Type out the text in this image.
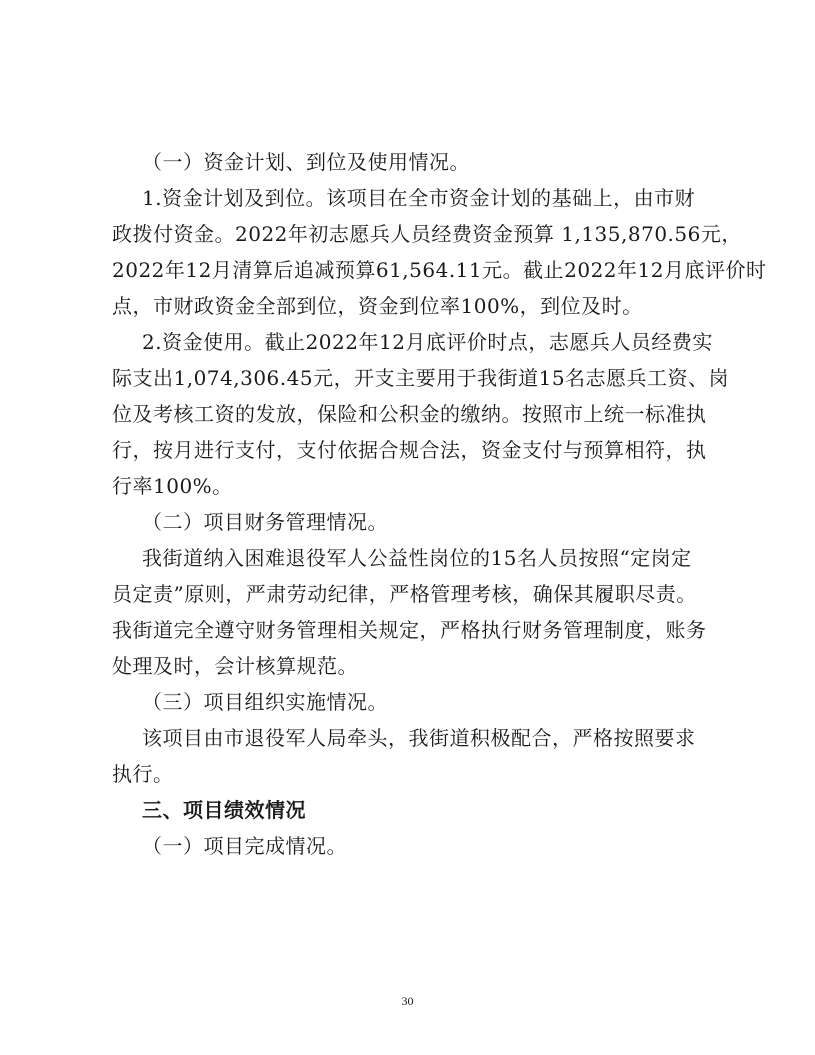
（一）资金计划、到位及使用情况。
1.资金计划及到位。该项目在全市资金计划的基础上，由市财
政拨付资金。2022年初志愿兵人员经费资金预算 1,135,870.56元，
2022年12月清算后追减预算61,564.11元。截止2022年12月底评价时
点，市财政资金全部到位，资金到位率100%，到位及时。
2.资金使用。截止2022年12月底评价时点，志愿兵人员经费实
际支出1,074,306.45元，开支主要用于我街道15名志愿兵工资、岗
位及考核工资的发放，保险和公积金的缴纳。按照市上统一标准执
行，按月进行支付，支付依据合规合法，资金支付与预算相符，执
行率100%。
（二）项目财务管理情况。
我街道纳入困难退役军人公益性岗位的15名人员按照“定岗定
员定责”原则，严肃劳动纪律，严格管理考核，确保其履职尽责。
我街道完全遵守财务管理相关规定，严格执行财务管理制度，账务
处理及时，会计核算规范。
（三）项目组织实施情况。
该项目由市退役军人局牵头，我街道积极配合，严格按照要求
执行。
三、项目绩效情况
（一）项目完成情况。
30
